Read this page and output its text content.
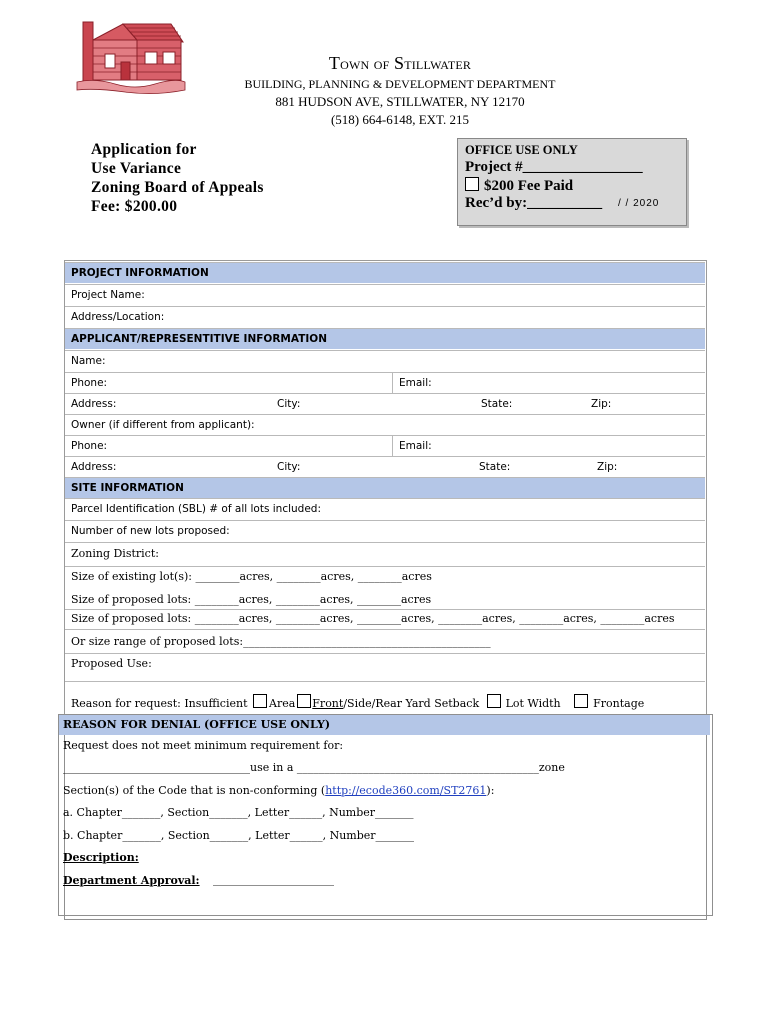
Town of Stillwater
BUILDING, PLANNING & DEVELOPMENT DEPARTMENT
881 HUDSON AVE, STILLWATER, NY 12170
(518) 664-6148, EXT. 215
Application for
Use Variance
Zoning Board of Appeals
Fee: $200.00
OFFICE USE ONLY
Project #________________
$200 Fee Paid
Rec’d by:__________ / / 2020
PROJECT INFORMATION
Project Name:
Address/Location:
APPLICANT/REPRESENTITIVE INFORMATION
Name:
Phone:	Email:
Address:	City:	State:	Zip:
Owner (if different from applicant):
Phone:	Email:
Address:	City:	State:	Zip:
SITE INFORMATION
Parcel Identification (SBL) # of all lots included:
Number of new lots proposed:
Zoning District:
Size of existing lot(s): ________acres, ________acres, ________acres
Size of proposed lots: ________acres, ________acres, ________acres
Size of proposed lots: ________acres, ________acres, ________acres, ________acres, ________acres, ________acres
Or size range of proposed lots:_____________________________________________
Proposed Use:
Reason for request: Insufficient Area Front/Side/Rear Yard Setback Lot Width	Frontage
REASON FOR DENIAL (OFFICE USE ONLY)
Request does not meet minimum requirement for:
__________________________________use in a ____________________________________________zone
Section(s) of the Code that is non-conforming (http://ecode360.com/ST2761):
a. Chapter_______, Section_______, Letter______, Number_______
b. Chapter_______, Section_______, Letter______, Number_______
Description:
Department Approval: ______________________
